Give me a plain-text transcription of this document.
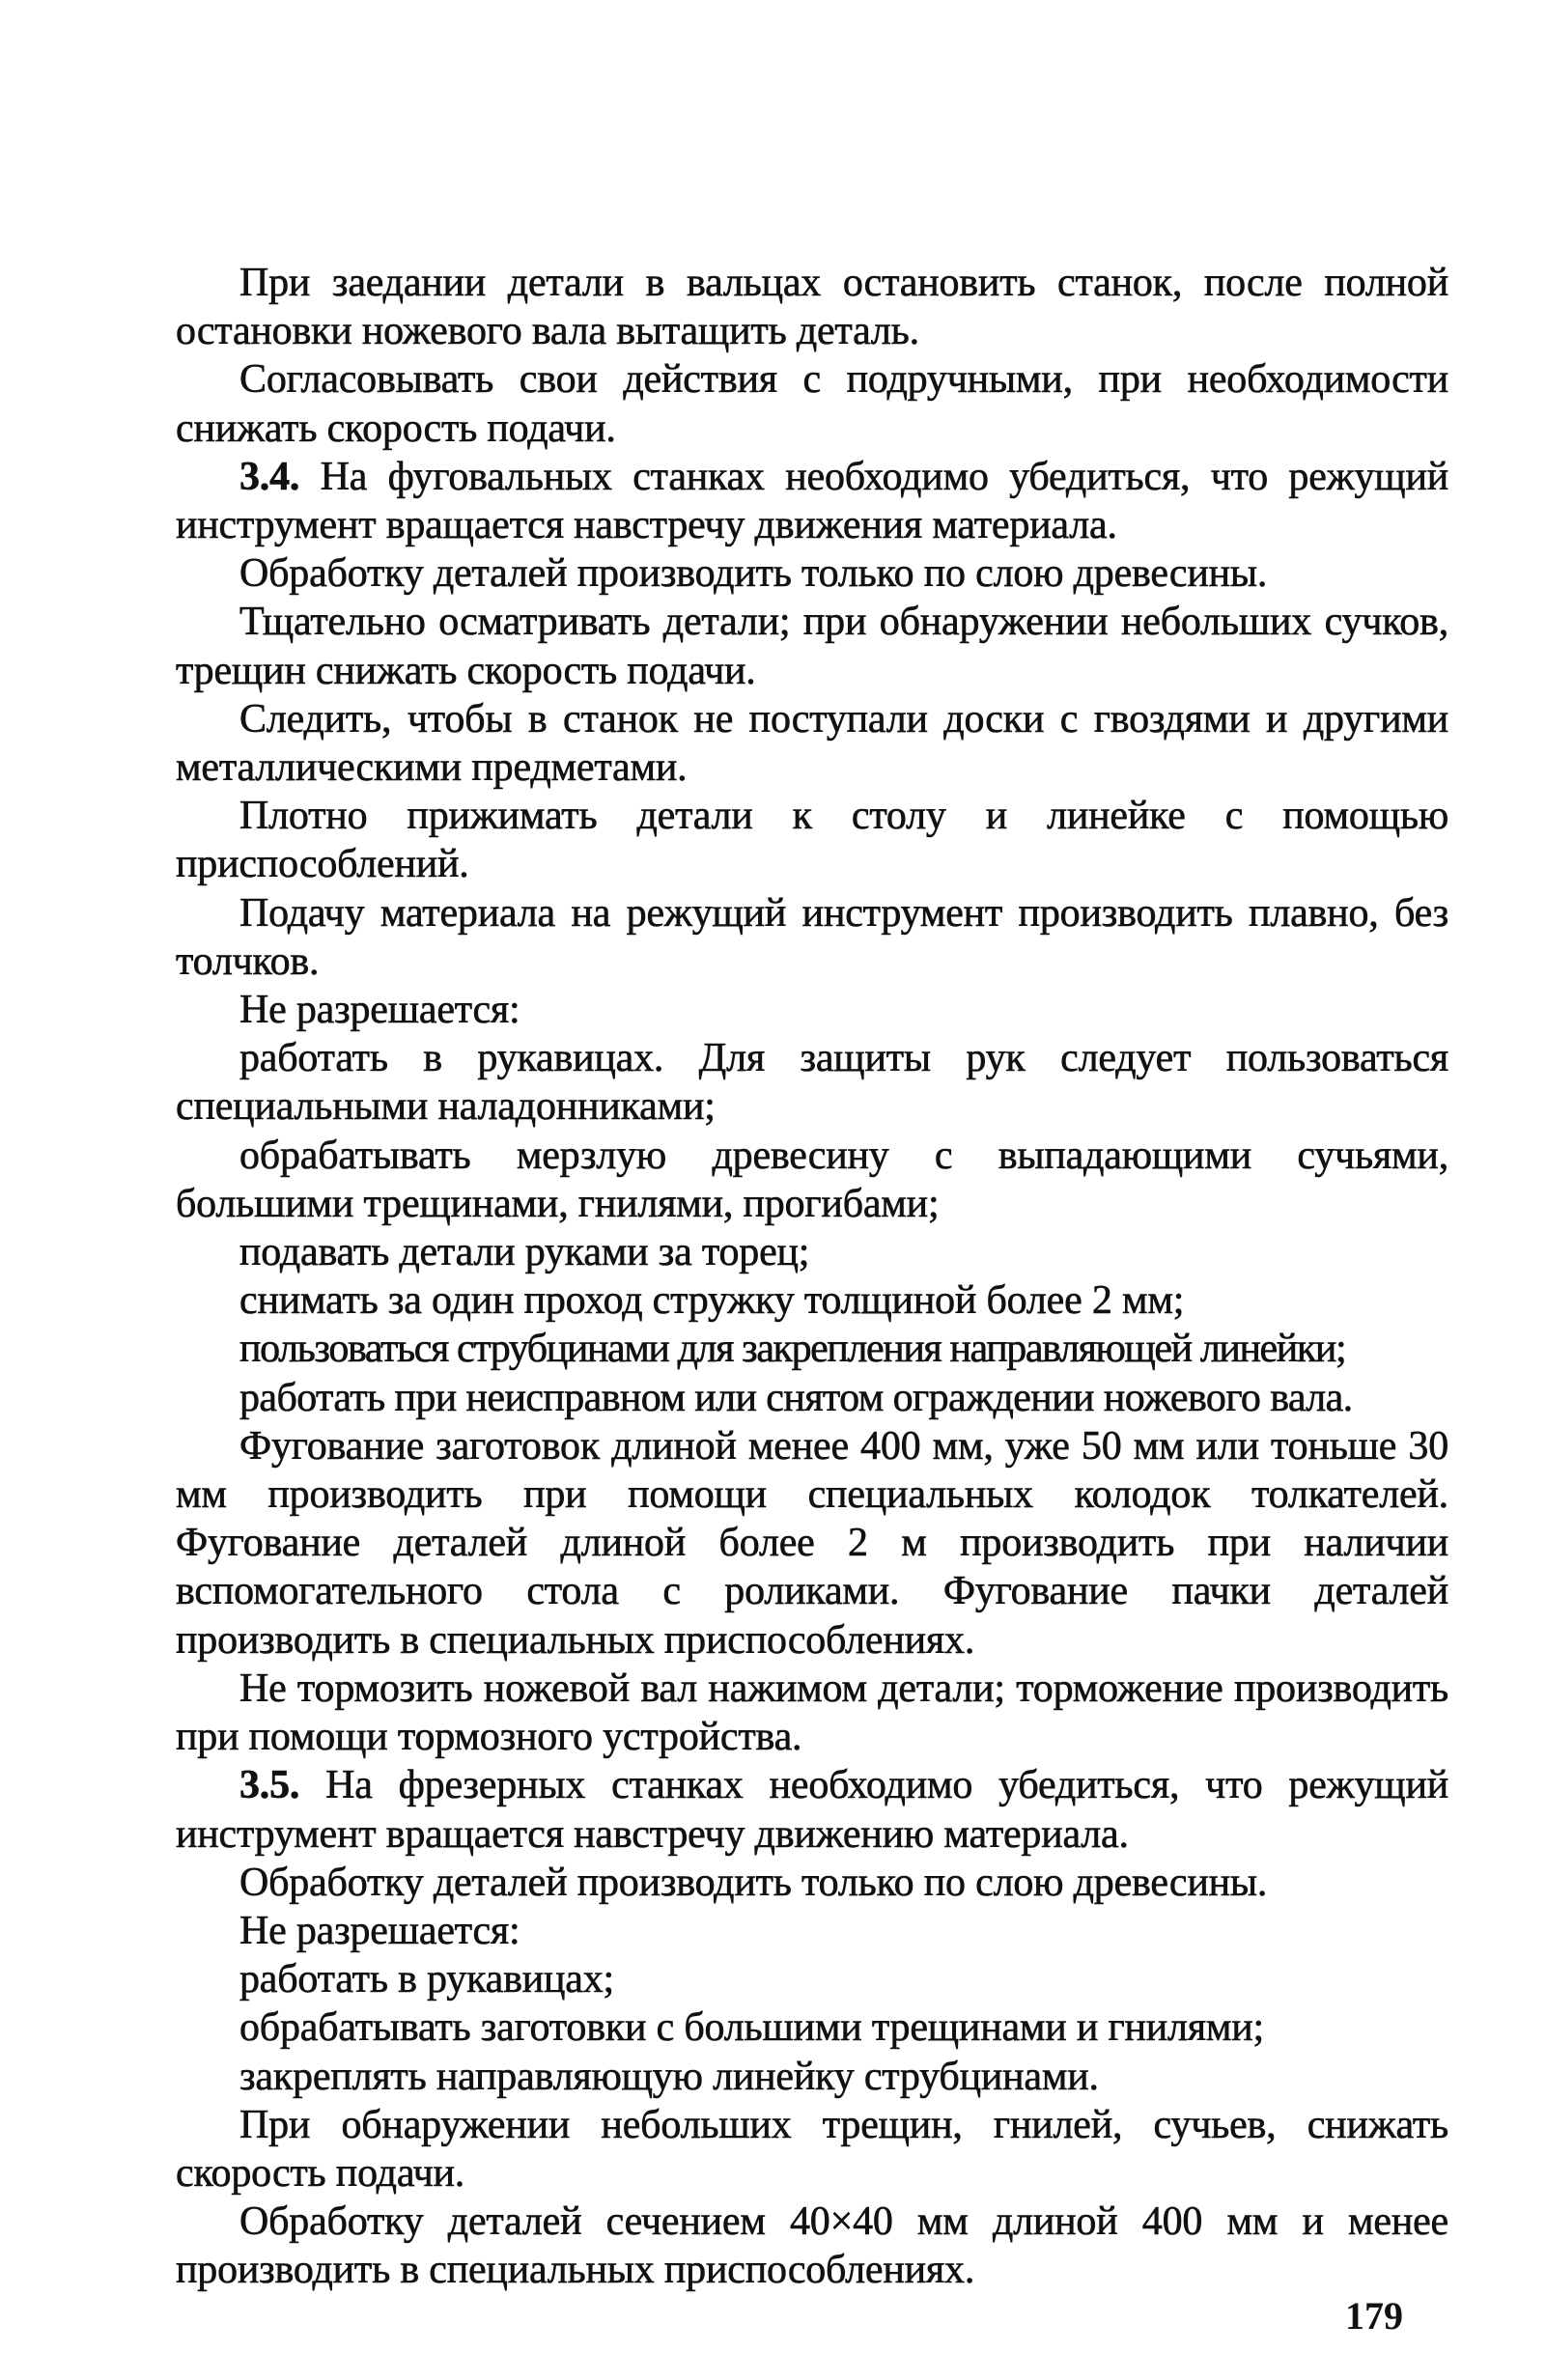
При заедании детали в вальцах остановить станок, после полной остановки ножевого вала вытащить деталь.

Согласовывать свои действия с подручными, при необходимости снижать скорость подачи.

3.4. На фуговальных станках необходимо убедиться, что режущий инструмент вращается навстречу движения материала.

Обработку деталей производить только по слою древесины.

Тщательно осматривать детали; при обнаружении небольших сучков, трещин снижать скорость подачи.

Следить, чтобы в станок не поступали доски с гвоздями и другими металлическими предметами.

Плотно прижимать детали к столу и линейке с помощью приспособлений.

Подачу материала на режущий инструмент производить плавно, без толчков.

Не разрешается:

работать в рукавицах. Для защиты рук следует пользоваться специальными наладонниками;

обрабатывать мерзлую древесину с выпадающими сучьями, большими трещинами, гнилями, прогибами;

подавать детали руками за торец;

снимать за один проход стружку толщиной более 2 мм;

пользоваться струбцинами для закрепления направляющей линейки;

работать при неисправном или снятом ограждении ножевого вала.

Фугование заготовок длиной менее 400 мм, уже 50 мм или тоньше 30 мм производить при помощи специальных колодок толкателей. Фугование деталей длиной более 2 м производить при наличии вспомогательного стола с роликами. Фугование пачки деталей производить в специальных приспособлениях.

Не тормозить ножевой вал нажимом детали; торможение производить при помощи тормозного устройства.

3.5. На фрезерных станках необходимо убедиться, что режущий инструмент вращается навстречу движению материала.

Обработку деталей производить только по слою древесины.

Не разрешается:

работать в рукавицах;

обрабатывать заготовки с большими трещинами и гнилями;

закреплять направляющую линейку струбцинами.

При обнаружении небольших трещин, гнилей, сучьев, снижать скорость подачи.

Обработку деталей сечением 40×40 мм длиной 400 мм и менее производить в специальных приспособлениях.

179
